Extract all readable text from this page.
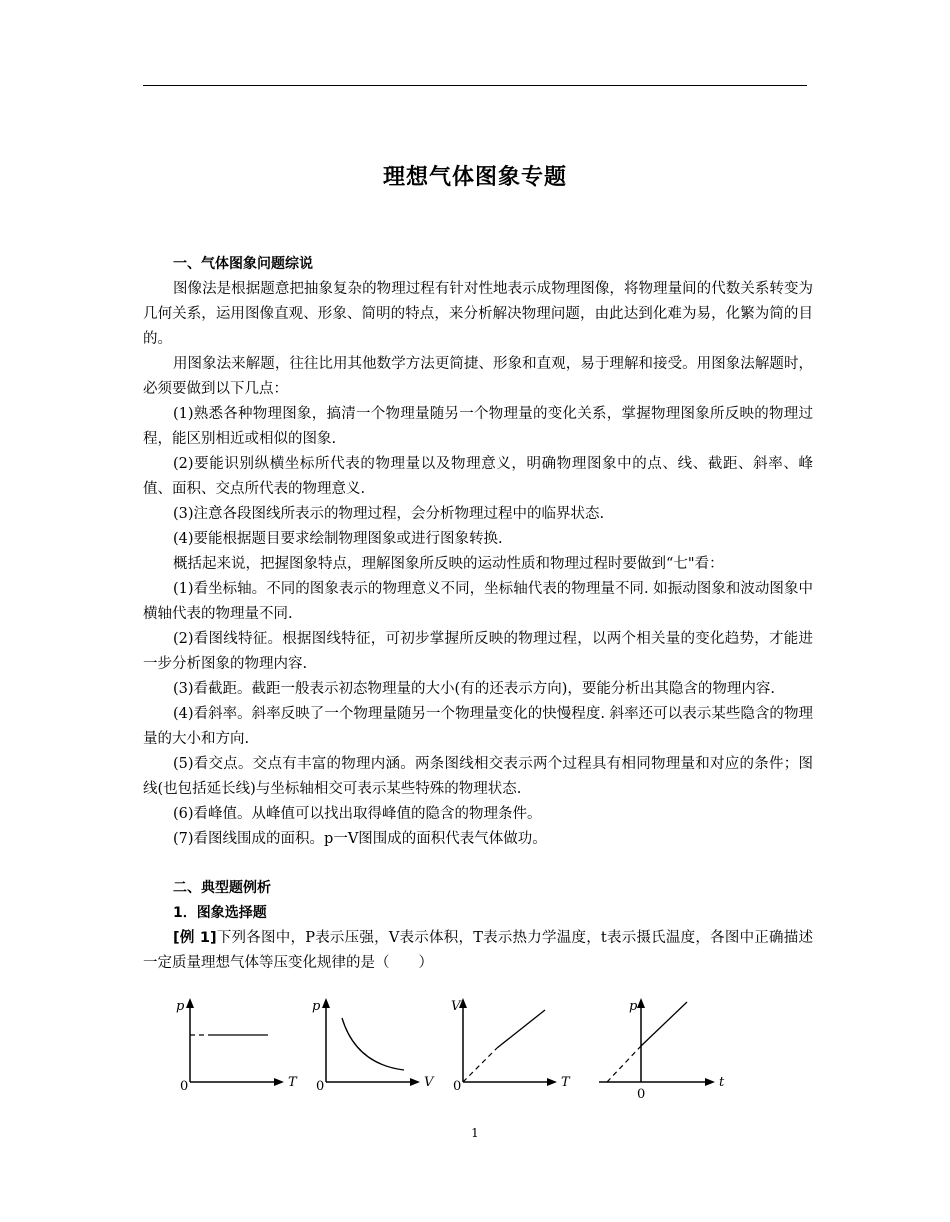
理想气体图象专题
一、气体图象问题综说

图像法是根据题意把抽象复杂的物理过程有针对性地表示成物理图像，将物理量间的代数关系转变为几何关系，运用图像直观、形象、简明的特点，来分析解决物理问题，由此达到化难为易，化繁为简的目的。

用图象法来解题，往往比用其他数学方法更简捷、形象和直观，易于理解和接受。用图象法解题时，必须要做到以下几点：

(1)熟悉各种物理图象，搞清一个物理量随另一个物理量的变化关系，掌握物理图象所反映的物理过程，能区别相近或相似的图象.

(2)要能识别纵横坐标所代表的物理量以及物理意义，明确物理图象中的点、线、截距、斜率、峰值、面积、交点所代表的物理意义.

(3)注意各段图线所表示的物理过程，会分析物理过程中的临界状态.

(4)要能根据题目要求绘制物理图象或进行图象转换.

概括起来说，把握图象特点，理解图象所反映的运动性质和物理过程时要做到“七"看：

(1)看坐标轴。不同的图象表示的物理意义不同，坐标轴代表的物理量不同. 如振动图象和波动图象中横轴代表的物理量不同.

(2)看图线特征。根据图线特征，可初步掌握所反映的物理过程，以两个相关量的变化趋势，才能进一步分析图象的物理内容.

(3)看截距。截距一般表示初态物理量的大小(有的还表示方向)，要能分析出其隐含的物理内容.

(4)看斜率。斜率反映了一个物理量随另一个物理量变化的快慢程度. 斜率还可以表示某些隐含的物理量的大小和方向.

(5)看交点。交点有丰富的物理内涵。两条图线相交表示两个过程具有相同物理量和对应的条件；图线(也包括延长线)与坐标轴相交可表示某些特殊的物理状态.

(6)看峰值。从峰值可以找出取得峰值的隐含的物理条件。

(7)看图线围成的面积。p一V图围成的面积代表气体做功。

二、典型题例析
1．图象选择题

[例 1]下列各图中，P表示压强，V表示体积，T表示热力学温度，t表示摄氏温度，各图中正确描述一定质量理想气体等压变化规律的是（　　）

p
T
0
p
V
0
V
T
0
p
t
0
1
